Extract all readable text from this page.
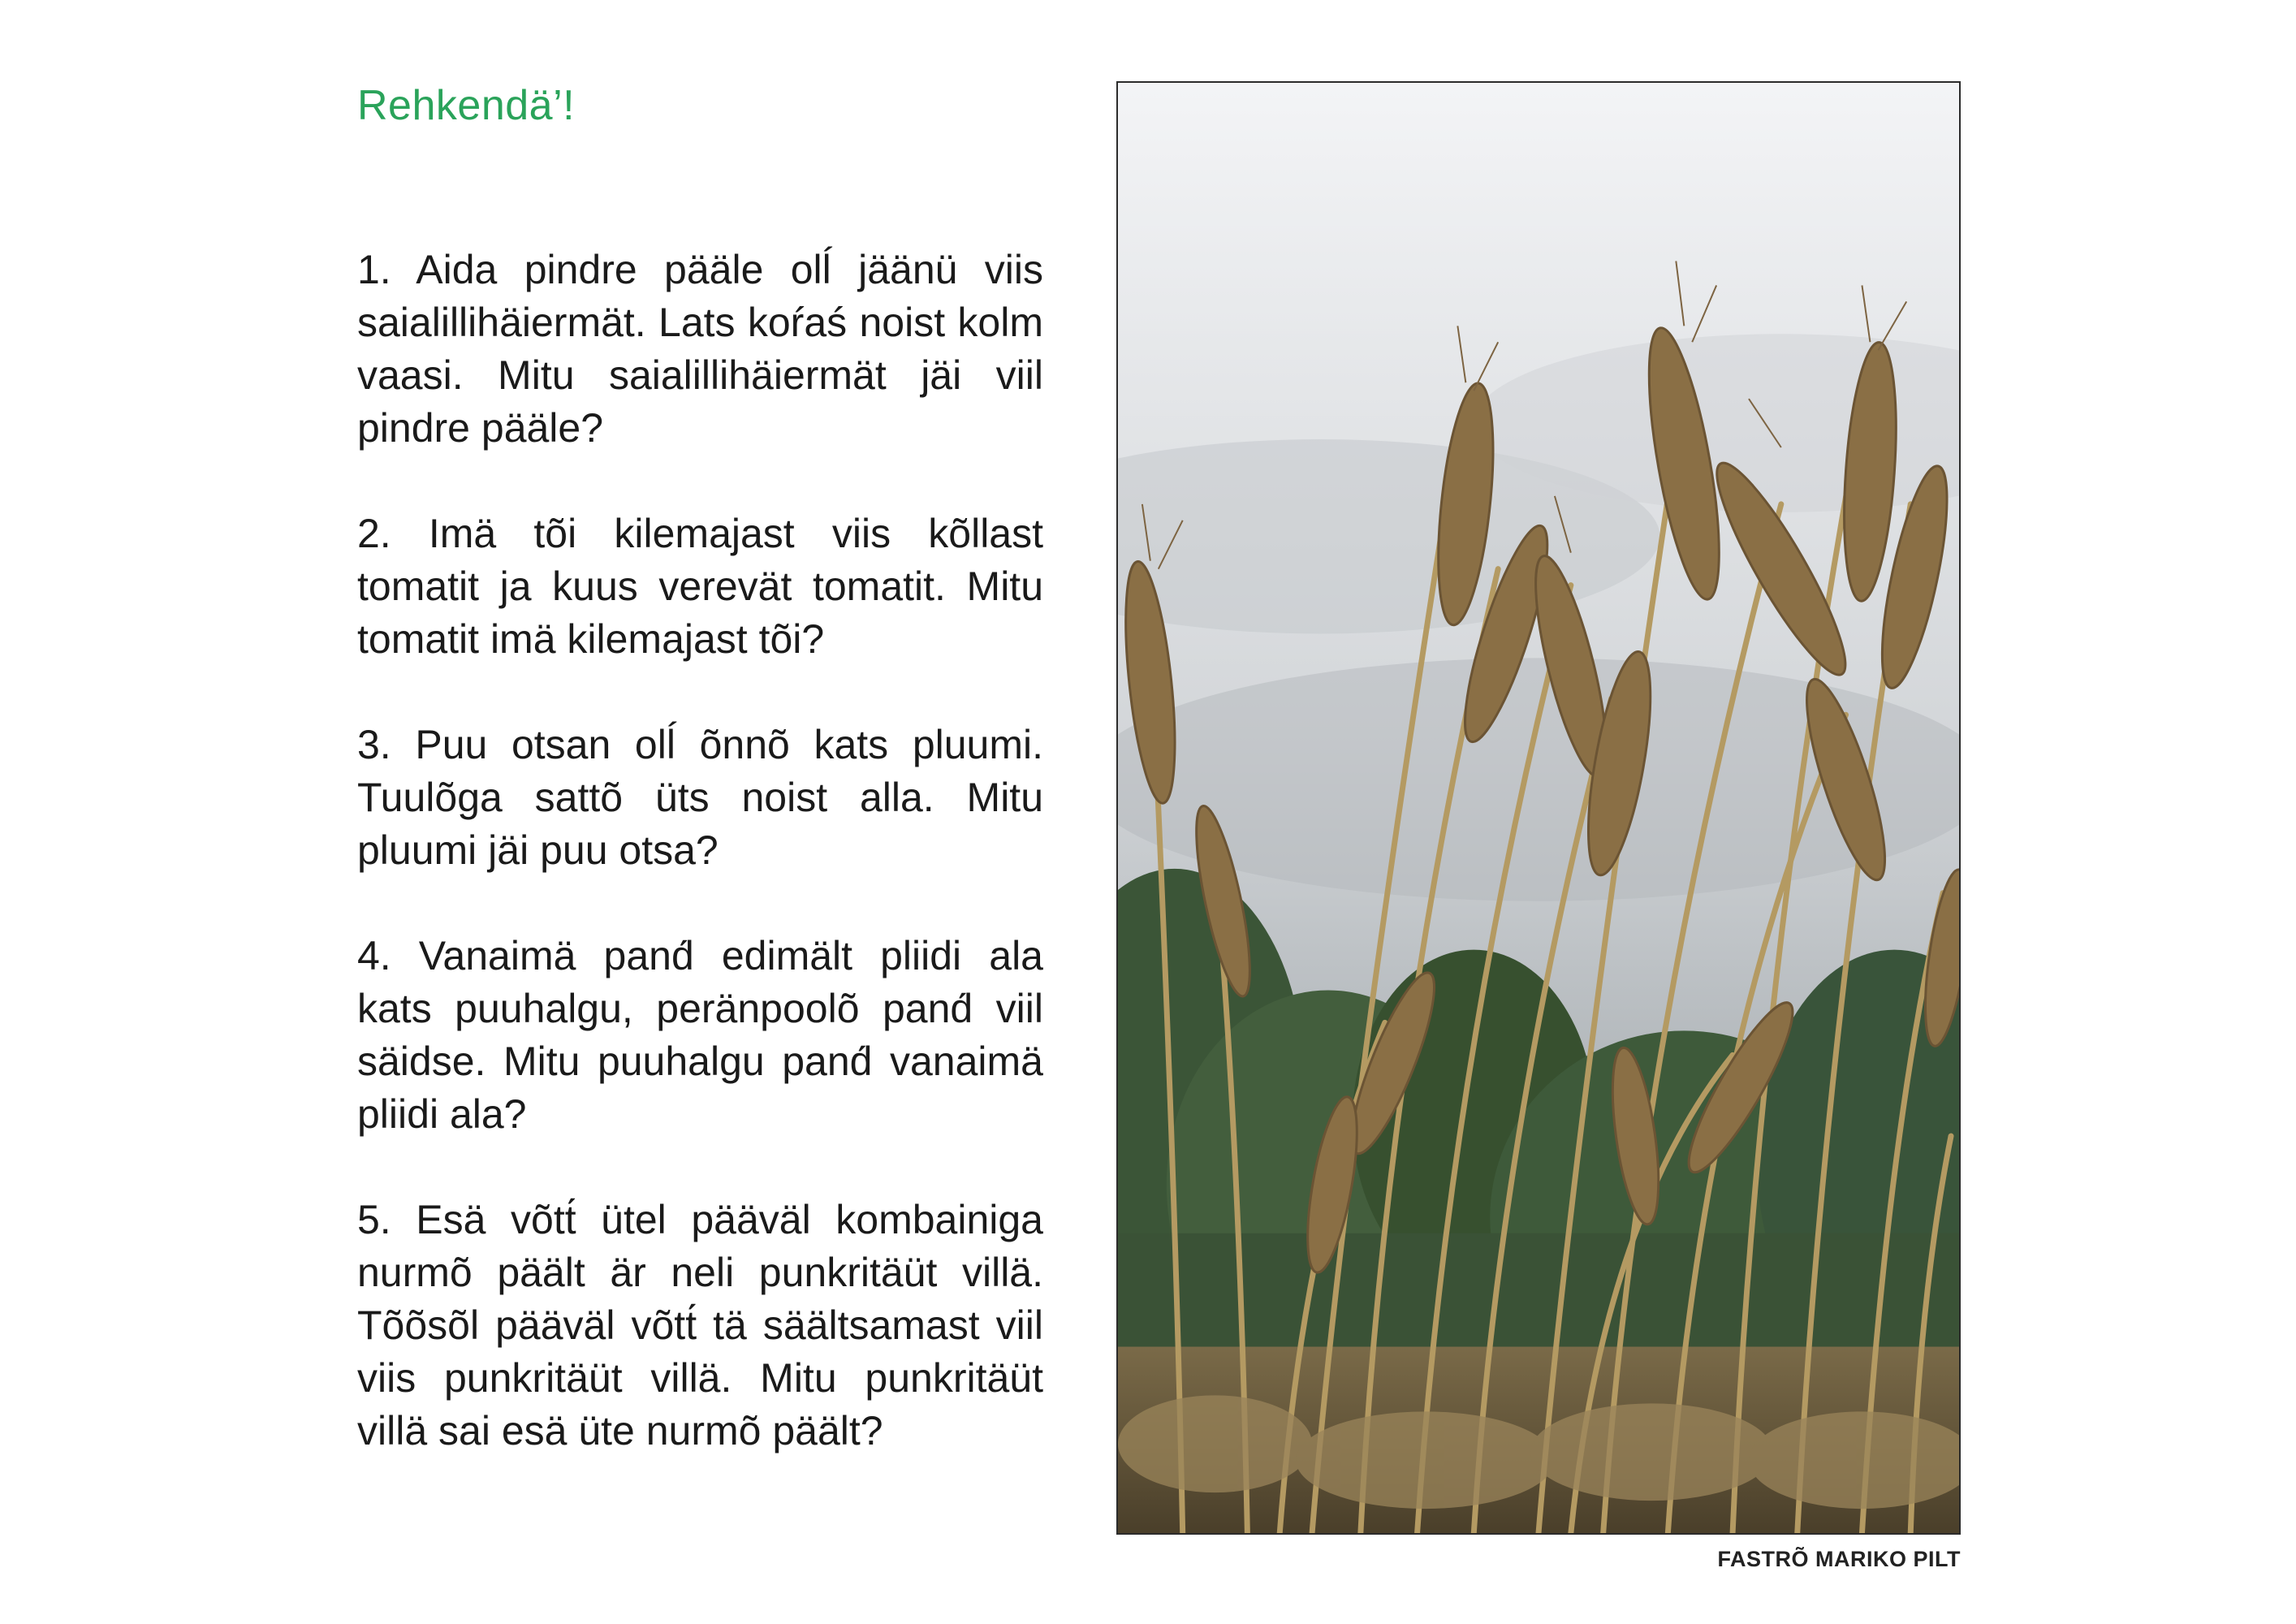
Rehkendä’!

1. Aida pindre pääle olĺ jäänü viis saialillihäiermät. Lats koŕaś noist kolm vaasi. Mitu saialillihäiermät jäi viil pindre pääle?

2. Imä tõi kilemajast viis kõllast tomatit ja kuus verevät tomatit. Mitu tomatit imä kilemajast tõi?

3. Puu otsan olĺ õnnõ kats pluumi. Tuulõga sattõ üts noist alla. Mitu pluumi jäi puu otsa?

4. Vanaimä pand́ edimält pliidi ala kats puuhalgu, peränpoolõ pand́ viil säidse. Mitu puuhalgu pand́ vanaimä pliidi ala?

5. Esä võtt́ ütel pääväl kombainiga nurmõ päält är neli punkritäüt villä. Tõõsõl pääväl võtt́ tä säältsamast viil viis punkritäüt villä. Mitu punkritäüt villä sai esä üte nurmõ päält?

FASTRÕ MARIKO PILT
